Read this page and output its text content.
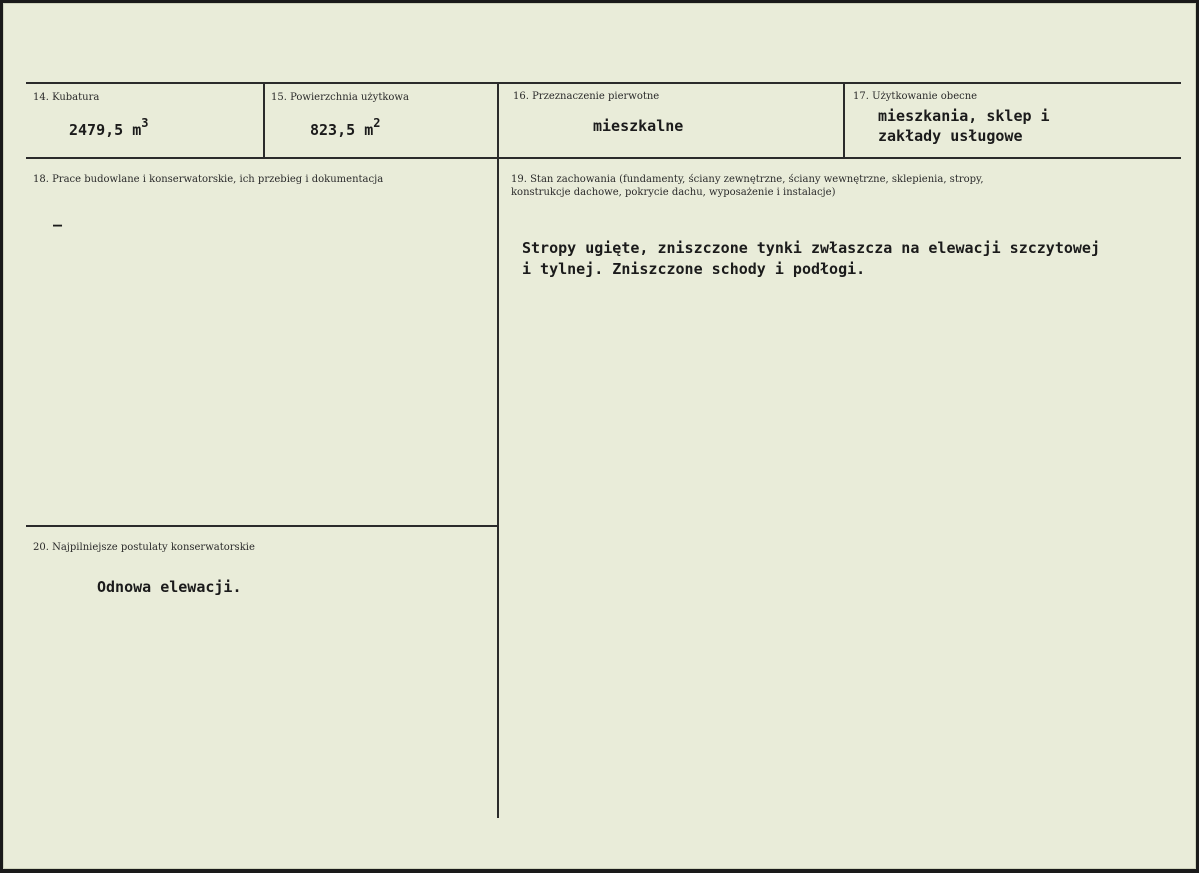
14. Kubatura
2479,5 $m^3$
15. Powierzchnia użytkowa
823,5 $m^2$
16. Przeznaczenie pierwotne
mieszkalne
17. Użytkowanie obecne
mieszkania, sklep i
zakłady usługowe
18. Prace budowlane i konserwatorskie, ich przebieg i dokumentacja
–
19. Stan zachowania (fundamenty, ściany zewnętrzne, ściany wewnętrzne, sklepienia, stropy,
konstrukcje dachowe, pokrycie dachu, wyposażenie i instalacje)
Stropy ugięte, zniszczone tynki zwłaszcza na elewacji szczytowej
i tylnej. Zniszczone schody i podłogi.
20. Najpilniejsze postulaty konserwatorskie
Odnowa elewacji.
